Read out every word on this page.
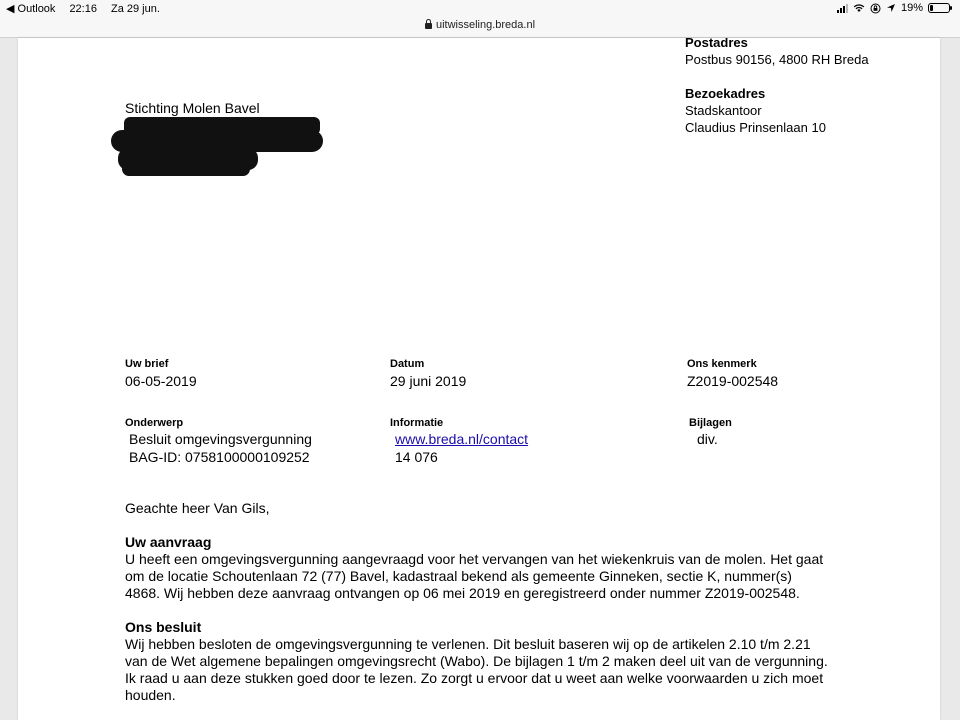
◀ Outlook 22:16 Za 29 jun.	19%
uitwisseling.breda.nl
Postadres
Postbus 90156, 4800 RH Breda
Bezoekadres
Stadskantoor
Claudius Prinsenlaan 10
Stichting Molen Bavel
Uw brief
06-05-2019
Datum
29 juni 2019
Ons kenmerk
Z2019-002548
Onderwerp
Besluit omgevingsvergunning
BAG-ID: 0758100000109252
Informatie
www.breda.nl/contact
14 076
Bijlagen
div.

Geachte heer Van Gils,

Uw aanvraag

U heeft een omgevingsvergunning aangevraagd voor het vervangen van het wiekenkruis van de molen. Het gaat

om de locatie Schoutenlaan 72 (77) Bavel, kadastraal bekend als gemeente Ginneken, sectie K, nummer(s)

4868. Wij hebben deze aanvraag ontvangen op 06 mei 2019 en geregistreerd onder nummer Z2019-002548.

Ons besluit

Wij hebben besloten de omgevingsvergunning te verlenen. Dit besluit baseren wij op de artikelen 2.10 t/m 2.21

van de Wet algemene bepalingen omgevingsrecht (Wabo). De bijlagen 1 t/m 2 maken deel uit van de vergunning.

Ik raad u aan deze stukken goed door te lezen. Zo zorgt u ervoor dat u weet aan welke voorwaarden u zich moet

houden.
